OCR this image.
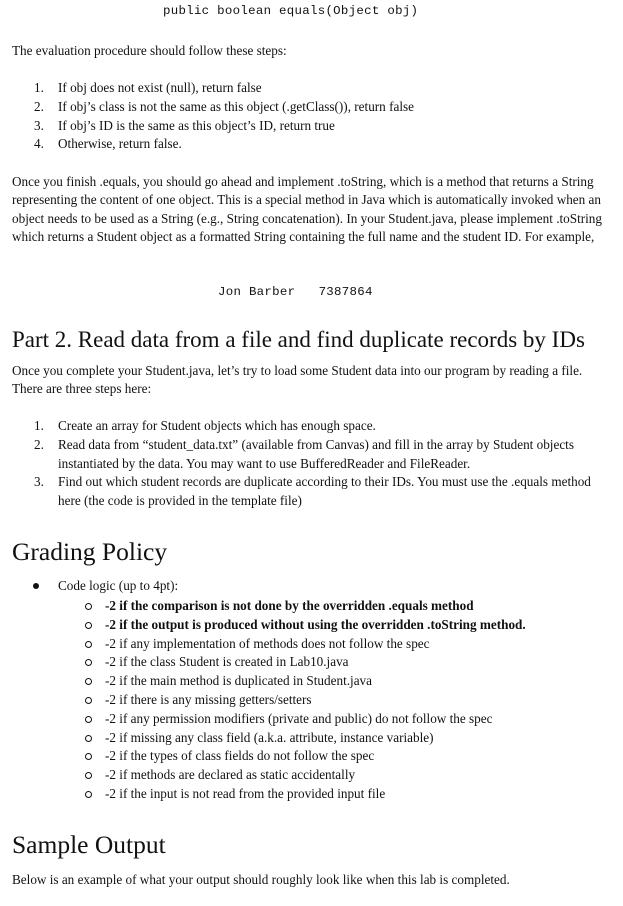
public boolean equals(Object obj)
The evaluation procedure should follow these steps:
1. If obj does not exist (null), return false
2. If obj’s class is not the same as this object (.getClass()), return false
3. If obj’s ID is the same as this object’s ID, return true
4. Otherwise, return false.
Once you finish .equals, you should go ahead and implement .toString, which is a method that returns a String representing the content of one object. This is a special method in Java which is automatically invoked when an object needs to be used as a String (e.g., String concatenation). In your Student.java, please implement .toString which returns a Student object as a formatted String containing the full name and the student ID. For example,
Jon Barber   7387864
Part 2. Read data from a file and find duplicate records by IDs
Once you complete your Student.java, let’s try to load some Student data into our program by reading a file. There are three steps here:
1. Create an array for Student objects which has enough space.
2. Read data from “student_data.txt” (available from Canvas) and fill in the array by Student objects instantiated by the data. You may want to use BufferedReader and FileReader.
3. Find out which student records are duplicate according to their IDs. You must use the .equals method here (the code is provided in the template file)
Grading Policy
Code logic (up to 4pt):
-2 if the comparison is not done by the overridden .equals method
-2 if the output is produced without using the overridden .toString method.
-2 if any implementation of methods does not follow the spec
-2 if the class Student is created in Lab10.java
-2 if the main method is duplicated in Student.java
-2 if there is any missing getters/setters
-2 if any permission modifiers (private and public) do not follow the spec
-2 if missing any class field (a.k.a. attribute, instance variable)
-2 if the types of class fields do not follow the spec
-2 if methods are declared as static accidentally
-2 if the input is not read from the provided input file
Sample Output
Below is an example of what your output should roughly look like when this lab is completed.
